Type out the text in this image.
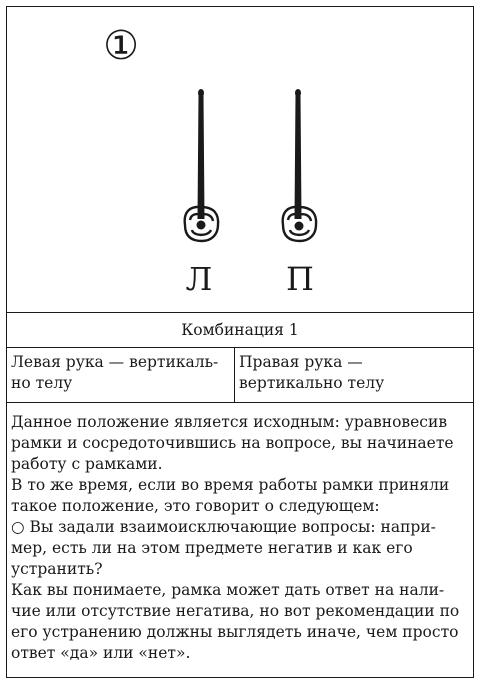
①
Л П
Комбинация 1
Левая рука — вертикаль-но телу
Правая рука — вертикально телу

Данное положение является исходным: уравновесив рамки и сосредоточившись на вопросе, вы начинаете работу с рамками.

В то же время, если во время работы рамки приняли такое положение, это говорит о следующем:

○ Вы задали взаимоисключающие вопросы: напри-мер, есть ли на этом предмете негатив и как его устранить?

Как вы понимаете, рамка может дать ответ на нали-чие или отсутствие негатива, но вот рекомендации по его устранению должны выглядеть иначе, чем просто ответ «да» или «нет».
